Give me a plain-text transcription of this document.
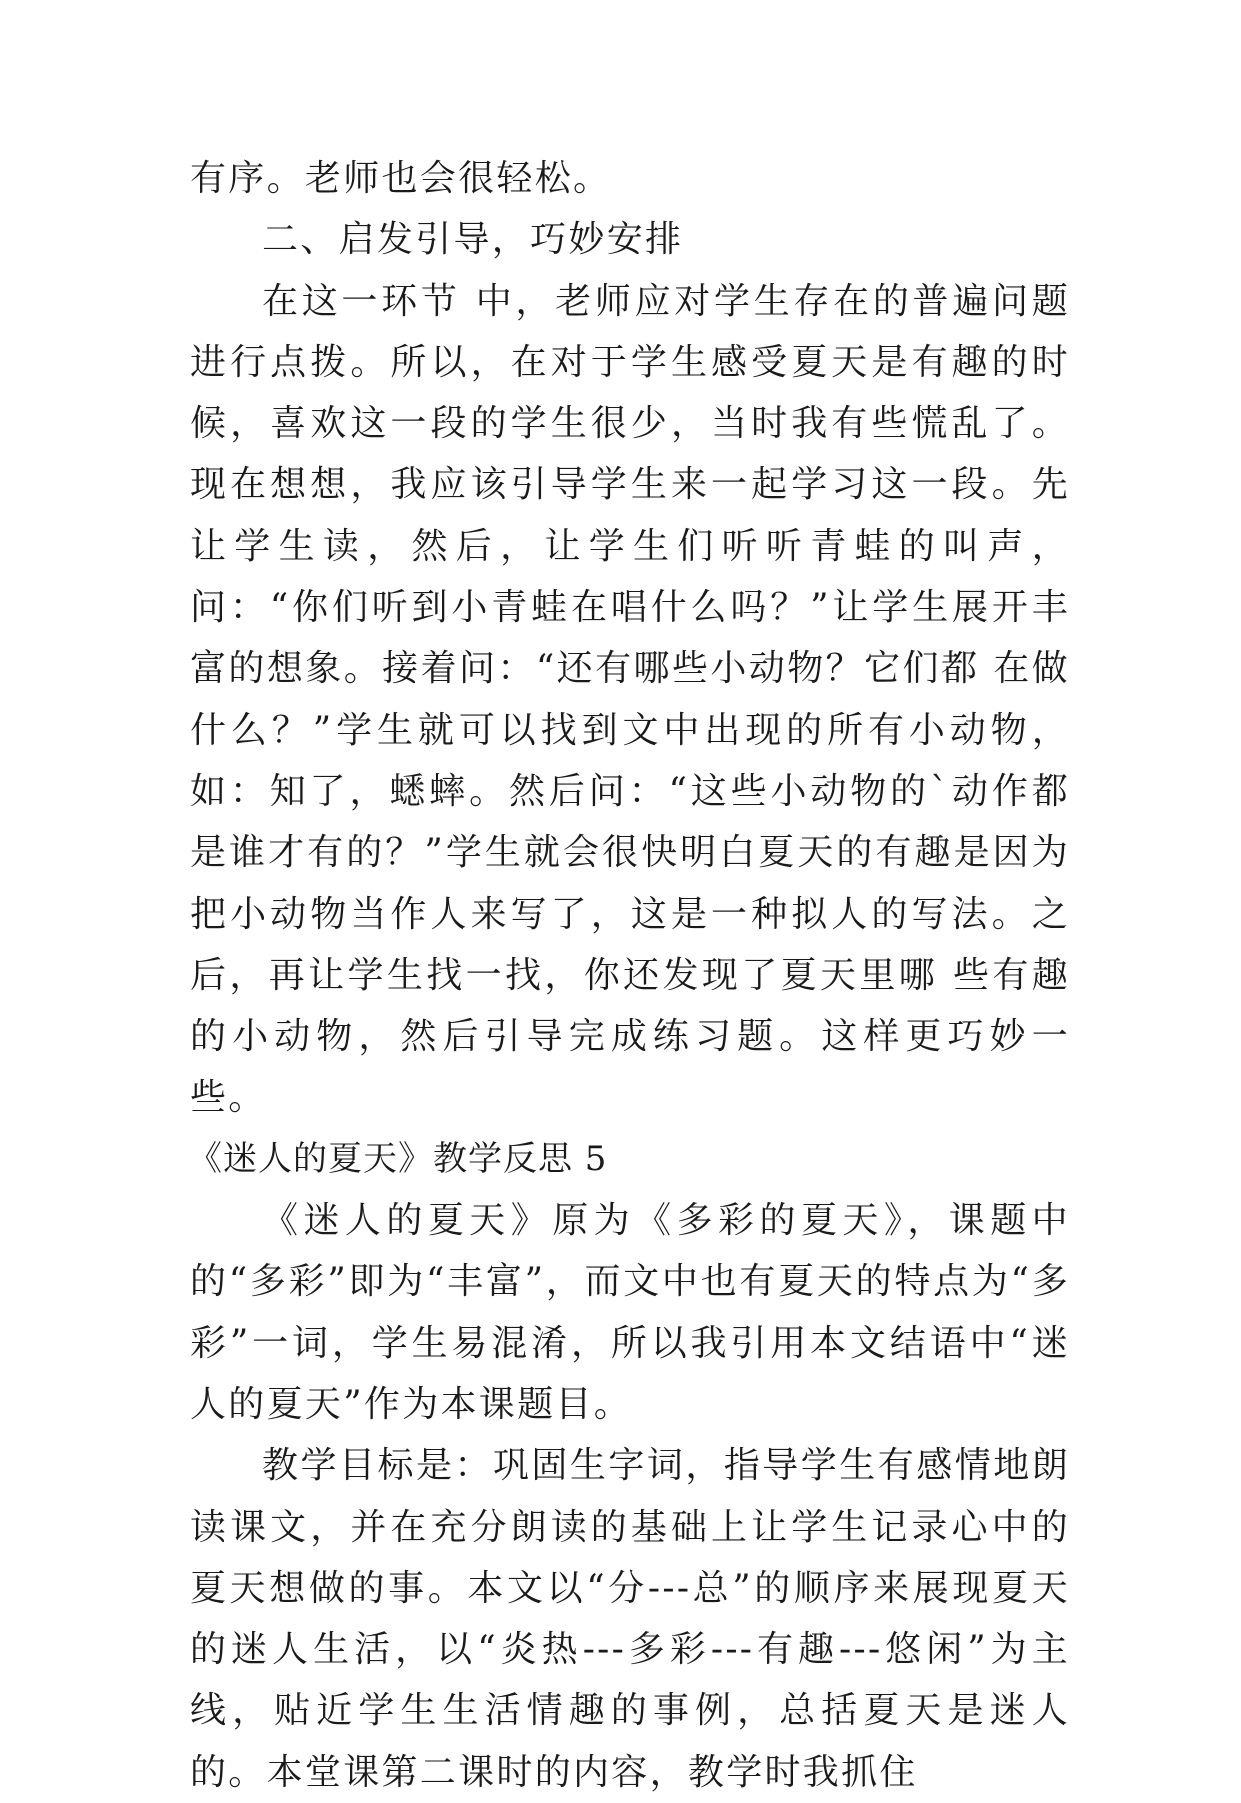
有序。老师也会很轻松。

二、启发引导，巧妙安排

在这一环节 中，老师应对学生存在的普遍问题进行点拨。所以，在对于学生感受夏天是有趣的时候，喜欢这一段的学生很少，当时我有些慌乱了。现在想想，我应该引导学生来一起学习这一段。先让学生读，然后，让学生们听听青蛙的叫声，问：“你们听到小青蛙在唱什么吗？”让学生展开丰富的想象。接着问：“还有哪些小动物？它们都 在做什么？”学生就可以找到文中出现的所有小动物，如：知了，蟋蟀。然后问：“这些小动物的`动作都是谁才有的？”学生就会很快明白夏天的有趣是因为把小动物当作人来写了，这是一种拟人的写法。之后，再让学生找一找，你还发现了夏天里哪 些有趣的小动物，然后引导完成练习题。这样更巧妙一些。

《迷人的夏天》教学反思 5

《迷人的夏天》原为《多彩的夏天》，课题中的“多彩”即为“丰富”，而文中也有夏天的特点为“多彩”一词，学生易混淆，所以我引用本文结语中“迷人的夏天”作为本课题目。

教学目标是：巩固生字词，指导学生有感情地朗读课文，并在充分朗读的基础上让学生记录心中的夏天想做的事。本文以“分---总”的顺序来展现夏天的迷人生活，以“炎热---多彩---有趣---悠闲”为主线，贴近学生生活情趣的事例，总括夏天是迷人的。本堂课第二课时的内容，教学时我抓住
